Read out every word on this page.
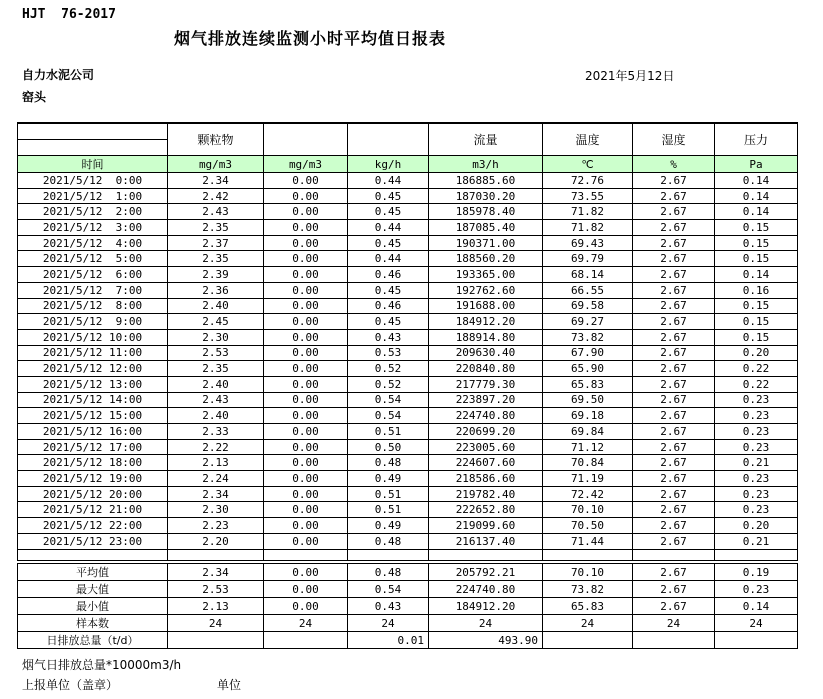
HJT  76-2017
烟气排放连续监测小时平均值日报表
自力水泥公司	2021年5月12日
窑头
	颗粒物			流量	温度	湿度	压力

时间	mg/m3	mg/m3	kg/h	m3/h	℃	%	Pa
2021/5/12  0:00	2.34	0.00	0.44	186885.60	72.76	2.67	0.14
2021/5/12  1:00	2.42	0.00	0.45	187030.20	73.55	2.67	0.14
2021/5/12  2:00	2.43	0.00	0.45	185978.40	71.82	2.67	0.14
2021/5/12  3:00	2.35	0.00	0.44	187085.40	71.82	2.67	0.15
2021/5/12  4:00	2.37	0.00	0.45	190371.00	69.43	2.67	0.15
2021/5/12  5:00	2.35	0.00	0.44	188560.20	69.79	2.67	0.15
2021/5/12  6:00	2.39	0.00	0.46	193365.00	68.14	2.67	0.14
2021/5/12  7:00	2.36	0.00	0.45	192762.60	66.55	2.67	0.16
2021/5/12  8:00	2.40	0.00	0.46	191688.00	69.58	2.67	0.15
2021/5/12  9:00	2.45	0.00	0.45	184912.20	69.27	2.67	0.15
2021/5/12 10:00	2.30	0.00	0.43	188914.80	73.82	2.67	0.15
2021/5/12 11:00	2.53	0.00	0.53	209630.40	67.90	2.67	0.20
2021/5/12 12:00	2.35	0.00	0.52	220840.80	65.90	2.67	0.22
2021/5/12 13:00	2.40	0.00	0.52	217779.30	65.83	2.67	0.22
2021/5/12 14:00	2.43	0.00	0.54	223897.20	69.50	2.67	0.23
2021/5/12 15:00	2.40	0.00	0.54	224740.80	69.18	2.67	0.23
2021/5/12 16:00	2.33	0.00	0.51	220699.20	69.84	2.67	0.23
2021/5/12 17:00	2.22	0.00	0.50	223005.60	71.12	2.67	0.23
2021/5/12 18:00	2.13	0.00	0.48	224607.60	70.84	2.67	0.21
2021/5/12 19:00	2.24	0.00	0.49	218586.60	71.19	2.67	0.23
2021/5/12 20:00	2.34	0.00	0.51	219782.40	72.42	2.67	0.23
2021/5/12 21:00	2.30	0.00	0.51	222652.80	70.10	2.67	0.23
2021/5/12 22:00	2.23	0.00	0.49	219099.60	70.50	2.67	0.20
2021/5/12 23:00	2.20	0.00	0.48	216137.40	71.44	2.67	0.21

平均值	2.34	0.00	0.48	205792.21	70.10	2.67	0.19
最大值	2.53	0.00	0.54	224740.80	73.82	2.67	0.23
最小值	2.13	0.00	0.43	184912.20	65.83	2.67	0.14
样本数	24	24	24	24	24	24	24
日排放总量（t/d）			0.01	493.90			
烟气日排放总量*10000m3/h
上报单位（盖章）	单位
